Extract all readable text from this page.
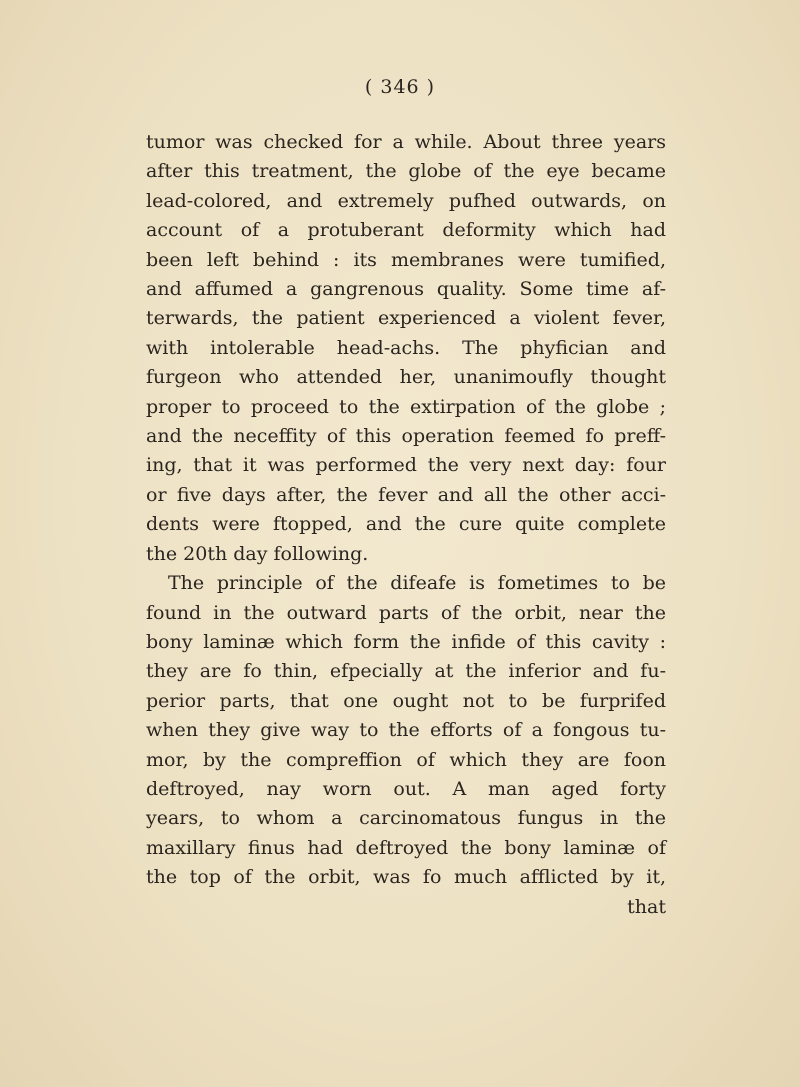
( 346 )
tumor was checked for a while. About three years
after this treatment, the globe of the eye became
lead-colored, and extremely pufhed outwards, on
account of a protuberant deformity which had
been left behind : its membranes were tumified,
and affumed a gangrenous quality. Some time af-
terwards, the patient experienced a violent fever,
with intolerable head-achs. The phyfician and
furgeon who attended her, unanimoufly thought
proper to proceed to the extirpation of the globe ;
and the neceffity of this operation feemed fo preff-
ing, that it was performed the very next day: four
or five days after, the fever and all the other acci-
dents were ftopped, and the cure quite complete
the 20th day following.
The principle of the difeafe is fometimes to be
found in the outward parts of the orbit, near the
bony laminæ which form the infide of this cavity :
they are fo thin, efpecially at the inferior and fu-
perior parts, that one ought not to be furprifed
when they give way to the efforts of a fongous tu-
mor, by the compreffion of which they are foon
deftroyed, nay worn out. A man aged forty
years, to whom a carcinomatous fungus in the
maxillary finus had deftroyed the bony laminæ of
the top of the orbit, was fo much afflicted by it,
that
